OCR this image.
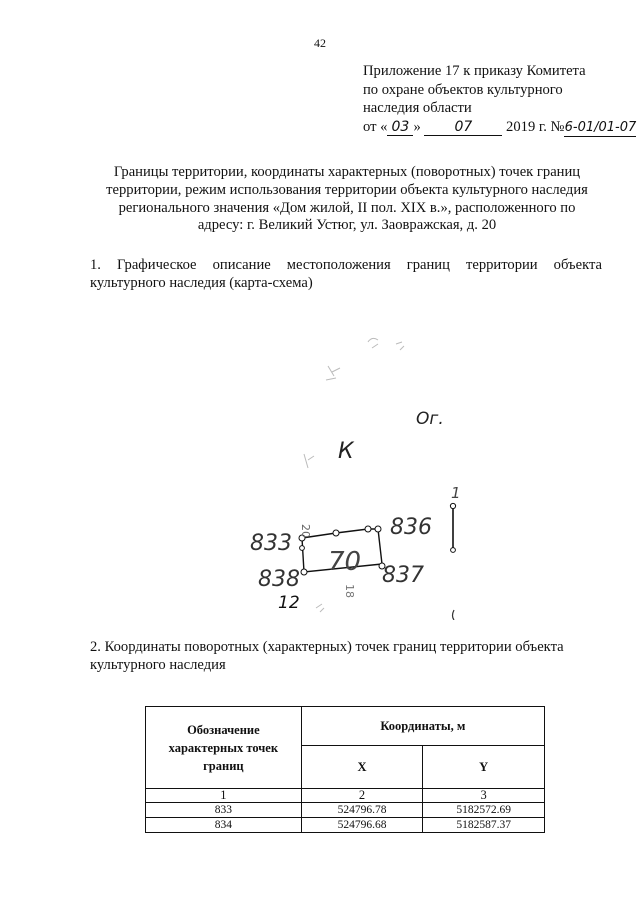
42
Приложение 17 к приказу Комитета
по охране объектов культурного
наследия области
от « 03 » 07 2019 г. №6-01/01-07
Границы территории, координаты характерных (поворотных) точек границ
территории, режим использования территории объекта культурного наследия
регионального значения «Дом жилой, II пол. XIX в.», расположенного по
адресу: г. Великий Устюг, ул. Заовражская, д. 20
1. Графическое описание местоположения границ территории объекта
культурного наследия (карта-схема)
Ог.
К
1
833
836
838	837
70
12
20
18
2. Координаты поворотных (характерных) точек границ территории объекта
культурного наследия
Обозначение характерных точек границ	Координаты, м	
	X	Y
1	2	3
833	524796.78	5182572.69
834	524796.68	5182587.37
